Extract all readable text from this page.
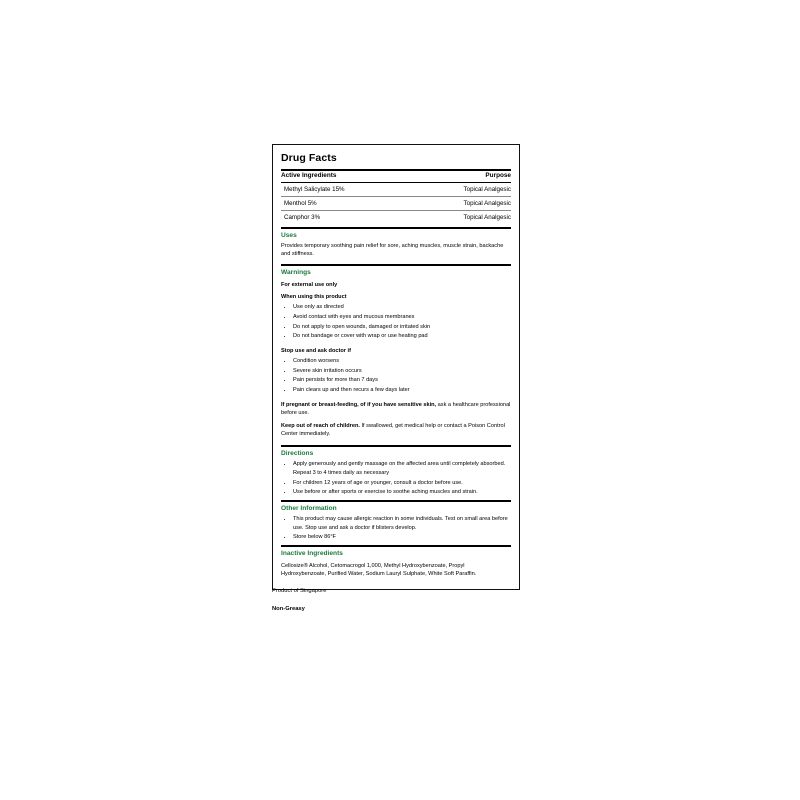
Drug Facts
Active Ingredients	Purpose
Methyl Salicylate 15%	Topical Analgesic
Menthol 5%	Topical Analgesic
Camphor 3%	Topical Analgesic
Uses
Provides temporary soothing pain relief for sore, aching muscles, muscle strain, backache and stiffness.
Warnings
For external use only
When using this product
• Use only as directed
• Avoid contact with eyes and mucous membranes
• Do not apply to open wounds, damaged or irritated skin
• Do not bandage or cover with wrap or use heating pad
Stop use and ask doctor if
• Condition worsens
• Severe skin irritation occurs
• Pain persists for more than 7 days
• Pain clears up and then recurs a few days later
If pregnant or breast-feeding, of if you have sensitive skin, ask a healthcare professional before use.
Keep out of reach of children. If swallowed, get medical help or contact a Poison Control Center immediately.
Directions
• Apply generously and gently massage on the affected area until completely absorbed. Repeat 3 to 4 times daily as necessary
• For children 12 years of age or younger, consult a doctor before use.
• Use before or after sports or exercise to soothe aching muscles and strain.
Other Information
• This product may cause allergic reaction in some individuals. Test on small area before use. Stop use and ask a doctor if blisters develop.
• Store below 86°F
Inactive Ingredients
Cellosize® Alcohol, Cetomacrogol 1,000, Methyl Hydroxybenzoate, Propyl Hydroxybenzoate, Purified Water, Sodium Lauryl Sulphate, White Soft Paraffin.
Product of Singapore
Non-Greasy
